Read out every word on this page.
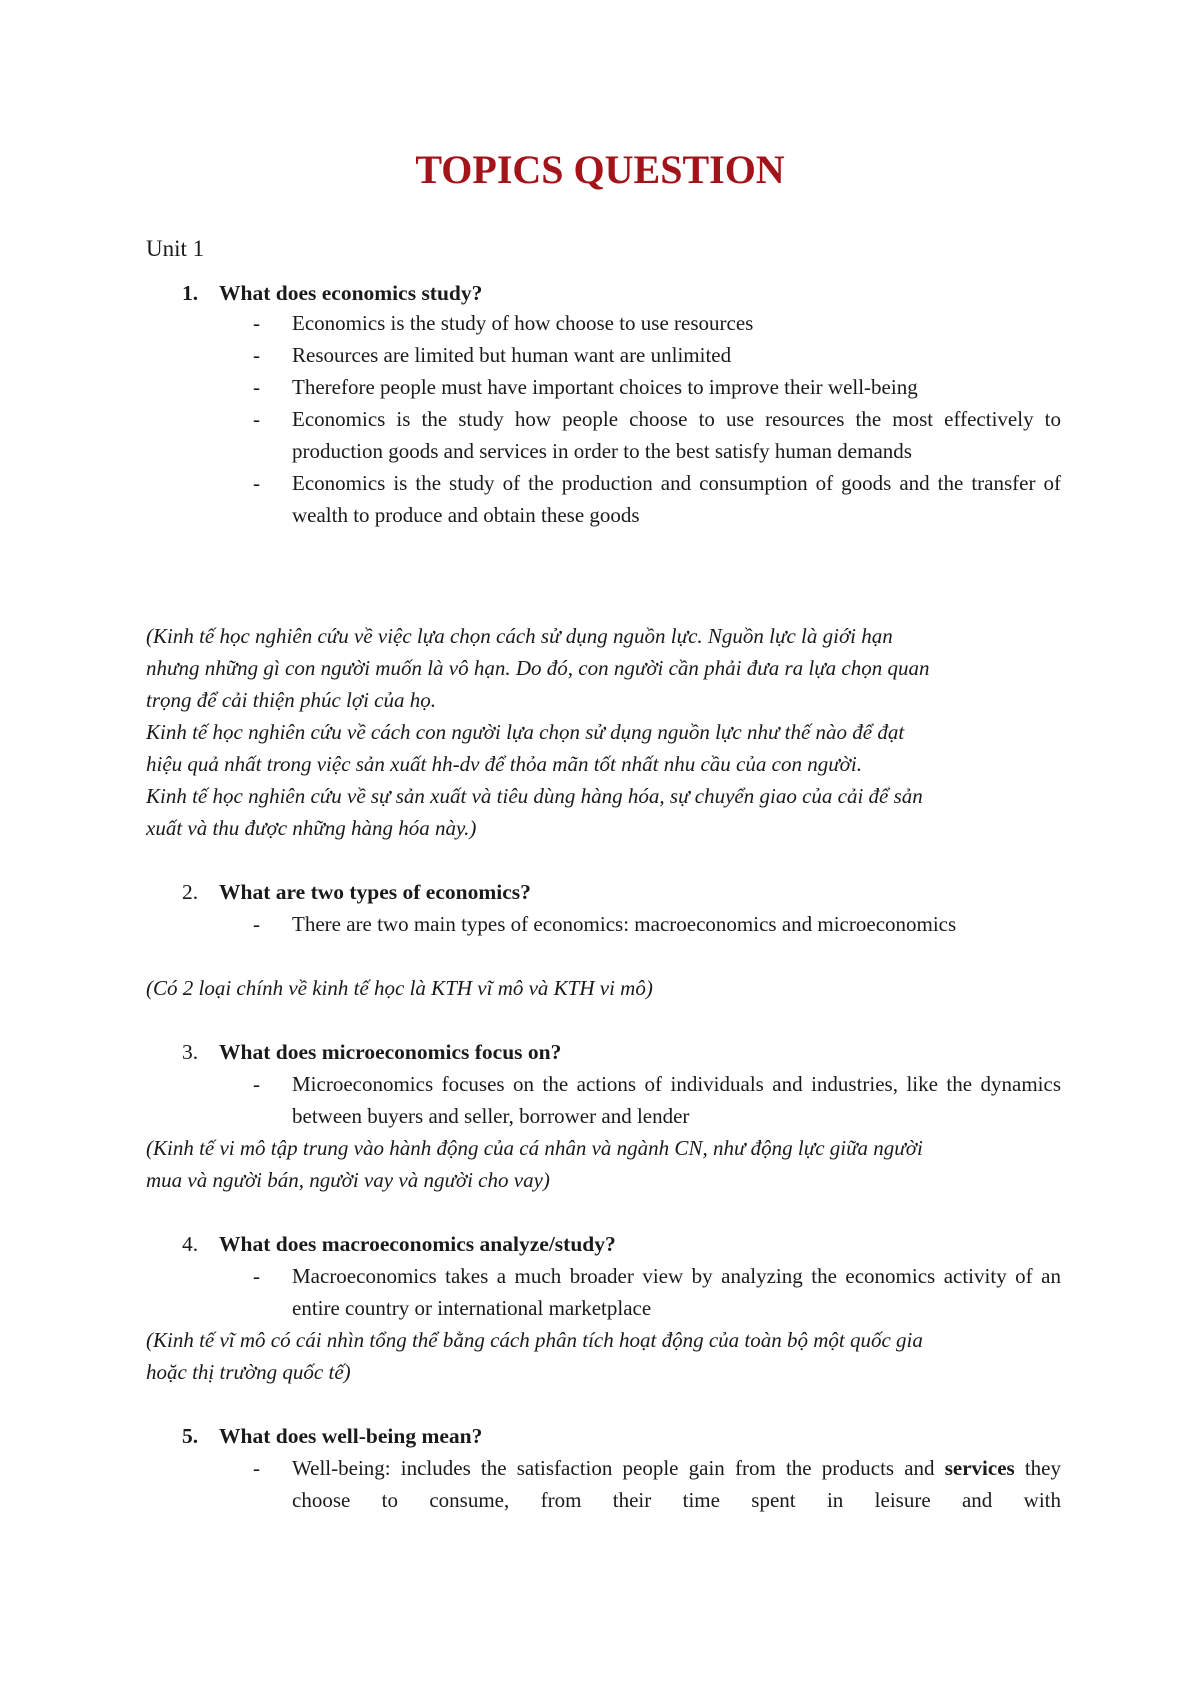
TOPICS QUESTION
Unit 1
1. What does economics study?
- Economics is the study of how choose to use resources
- Resources are limited but human want are unlimited
- Therefore people must have important choices to improve their well-being
- Economics is the study how people choose to use resources the most effectively to production goods and services in order to the best satisfy human demands
- Economics is the study of the production and consumption of goods and the transfer of wealth to produce and obtain these goods
(Kinh tế học nghiên cứu về việc lựa chọn cách sử dụng nguồn lực. Nguồn lực là giới hạn
nhưng những gì con người muốn là vô hạn. Do đó, con người cần phải đưa ra lựa chọn quan
trọng để cải thiện phúc lợi của họ.
Kinh tế học nghiên cứu về cách con người lựa chọn sử dụng nguồn lực như thế nào để đạt
hiệu quả nhất trong việc sản xuất hh-dv để thỏa mãn tốt nhất nhu cầu của con người.
Kinh tế học nghiên cứu về sự sản xuất và tiêu dùng hàng hóa, sự chuyển giao của cải để sản
xuất và thu được những hàng hóa này.)
2. What are two types of economics?
- There are two main types of economics: macroeconomics and microeconomics
(Có 2 loại chính về kinh tế học là KTH vĩ mô và KTH vi mô)
3. What does microeconomics focus on?
- Microeconomics focuses on the actions of individuals and industries, like the dynamics between buyers and seller, borrower and lender
(Kinh tế vi mô tập trung vào hành động của cá nhân và ngành CN, như động lực giữa người
mua và người bán, người vay và người cho vay)
4. What does macroeconomics analyze/study?
- Macroeconomics takes a much broader view by analyzing the economics activity of an entire country or international marketplace
(Kinh tế vĩ mô có cái nhìn tổng thể bằng cách phân tích hoạt động của toàn bộ một quốc gia
hoặc thị trường quốc tế)
5. What does well-being mean?
- Well-being: includes the satisfaction people gain from the products and services they choose to consume, from their time spent in leisure and with
